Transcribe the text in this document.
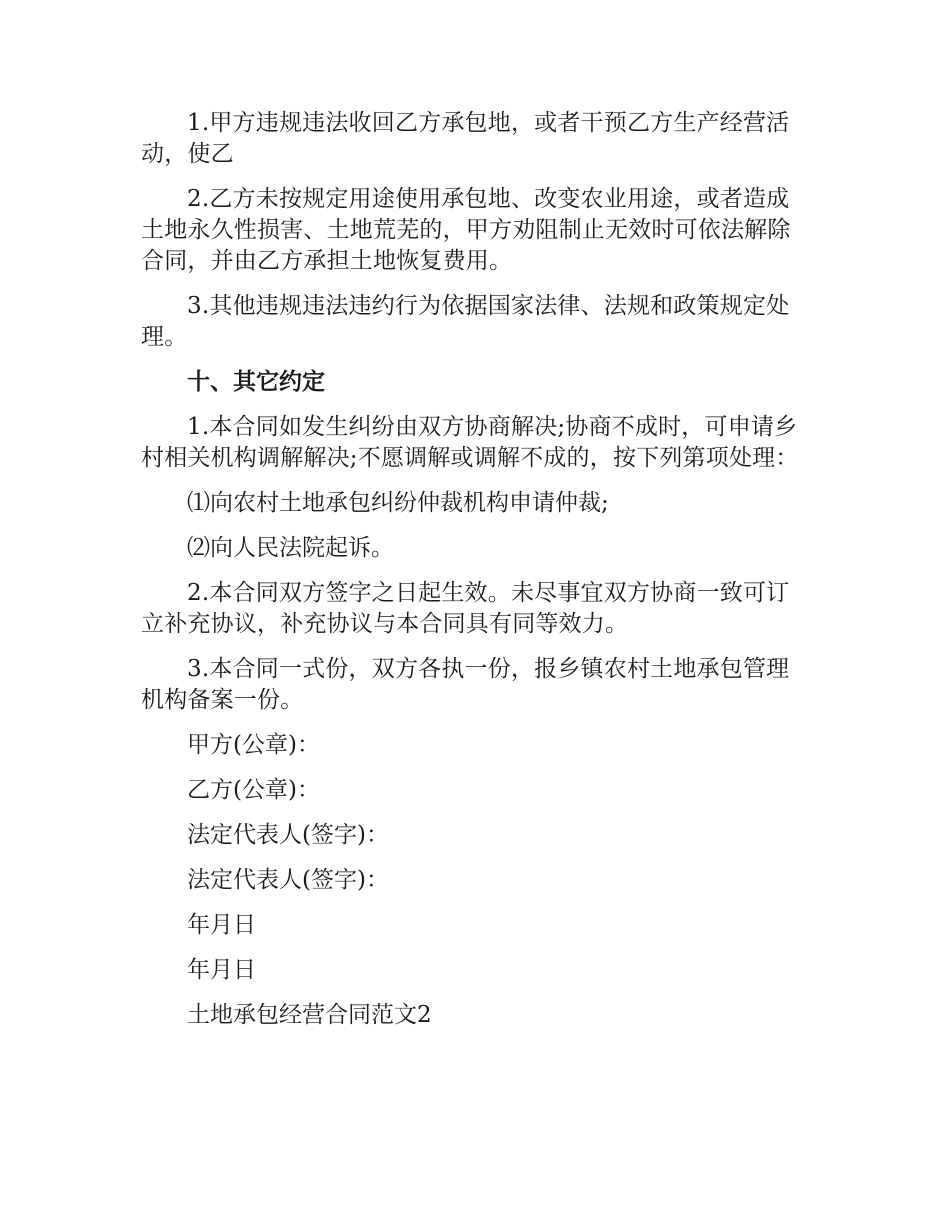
1.甲方违规违法收回乙方承包地，或者干预乙方生产经营活动，使乙

2.乙方未按规定用途使用承包地、改变农业用途，或者造成土地永久性损害、土地荒芜的，甲方劝阻制止无效时可依法解除合同，并由乙方承担土地恢复费用。

3.其他违规违法违约行为依据国家法律、法规和政策规定处理。

十、其它约定

1.本合同如发生纠纷由双方协商解决;协商不成时，可申请乡村相关机构调解解决;不愿调解或调解不成的，按下列第项处理：

⑴向农村土地承包纠纷仲裁机构申请仲裁;

⑵向人民法院起诉。

2.本合同双方签字之日起生效。未尽事宜双方协商一致可订立补充协议，补充协议与本合同具有同等效力。

3.本合同一式份，双方各执一份，报乡镇农村土地承包管理机构备案一份。

甲方(公章)：

乙方(公章)：

法定代表人(签字)：

法定代表人(签字)：

年月日

年月日

土地承包经营合同范文2
